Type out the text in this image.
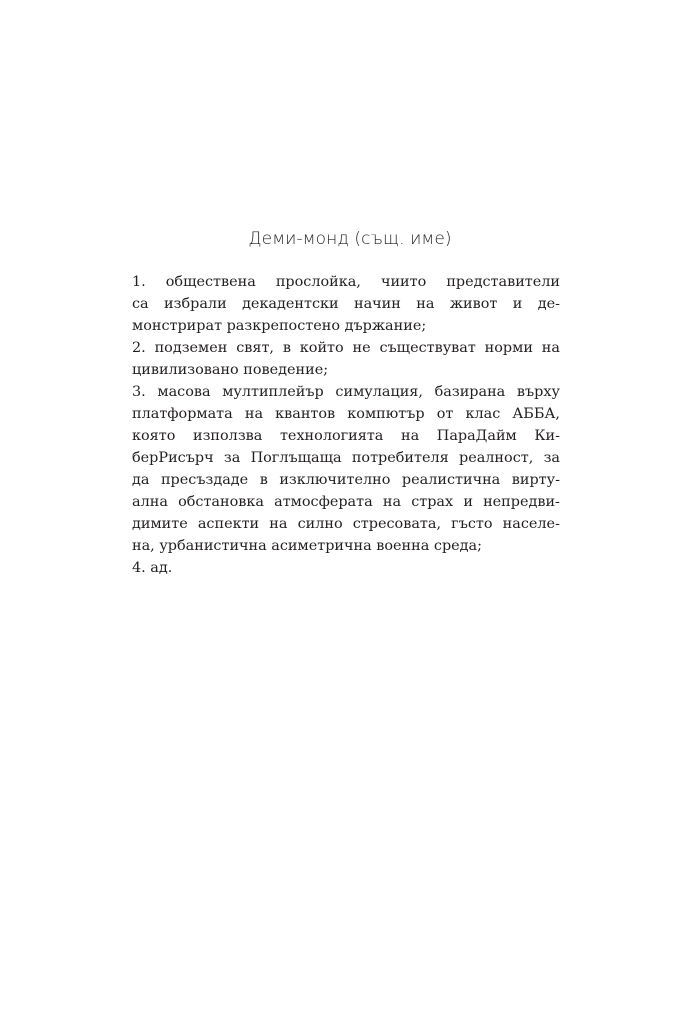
Деми-монд (същ. име)
1. обществена прослойка, чиито представители
са избрали декадентски начин на живот и де-
монстрират разкрепостено държание;
2. подземен свят, в който не съществуват норми на
цивилизовано поведение;
3. масова мултиплейър симулация, базирана върху
платформата на квантов компютър от клас АББА,
която използва технологията на ПараДайм Ки-
берРисърч за Поглъщаща потребителя реалност, за
да пресъздаде в изключително реалистична вирту-
ална обстановка атмосферата на страх и непредви-
димите аспекти на силно стресовата, гъсто населе-
на, урбанистична асиметрична военна среда;
4. ад.
